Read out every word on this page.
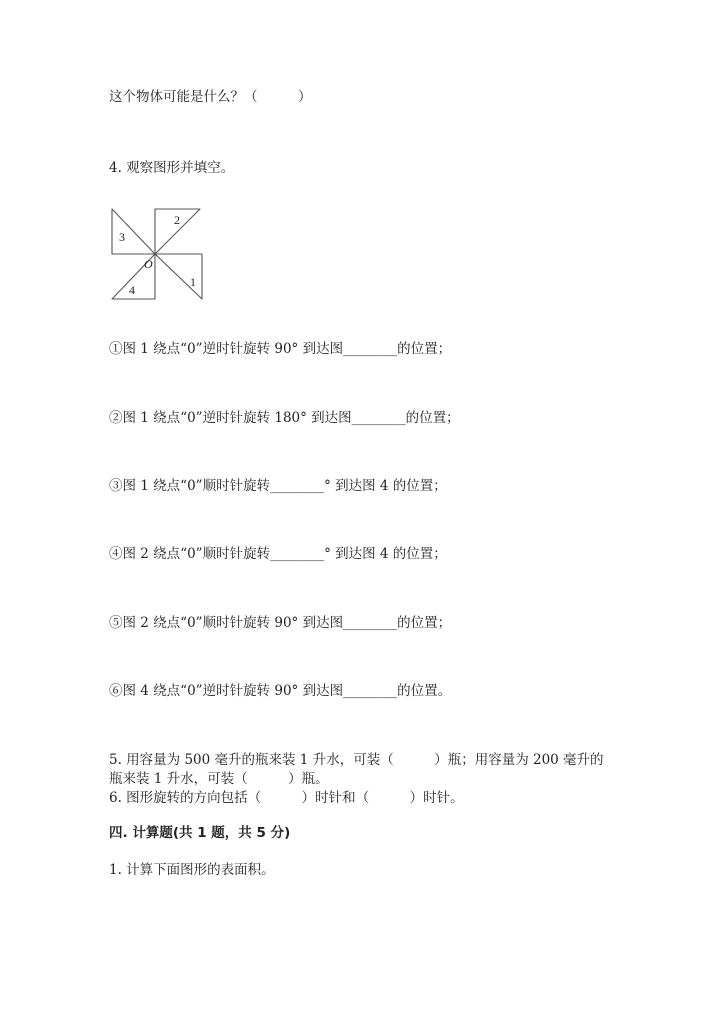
这个物体可能是什么？（　　　）
4. 观察图形并填空。
3
2
1
4
O
①图 1 绕点“0”逆时针旋转 90° 到达图________的位置；
②图 1 绕点“0”逆时针旋转 180° 到达图________的位置；
③图 1 绕点“0”顺时针旋转________° 到达图 4 的位置；
④图 2 绕点“0”顺时针旋转________° 到达图 4 的位置；
⑤图 2 绕点“0”顺时针旋转 90° 到达图________的位置；
⑥图 4 绕点“0”逆时针旋转 90° 到达图________的位置。
5. 用容量为 500 毫升的瓶来装 1 升水，可装（　　　）瓶；用容量为 200 毫升的
瓶来装 1 升水，可装（　　　）瓶。
6. 图形旋转的方向包括（　　　）时针和（　　　）时针。
四. 计算题(共 1 题，共 5 分)
1. 计算下面图形的表面积。
